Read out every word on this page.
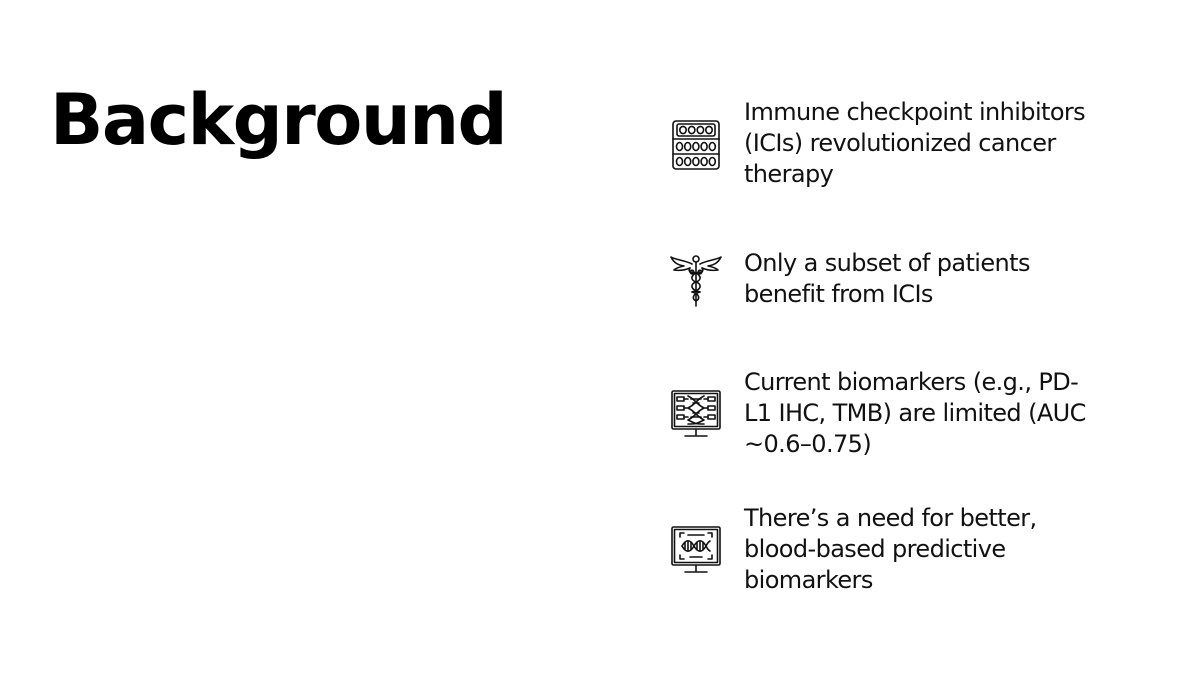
Background	Immune checkpoint inhibitors (ICIs) revolutionized cancer therapy
Only a subset of patients benefit from ICIs
Current biomarkers (e.g., PD-L1 IHC, TMB) are limited (AUC ~0.6–0.75)
There’s a need for better, blood-based predictive biomarkers
